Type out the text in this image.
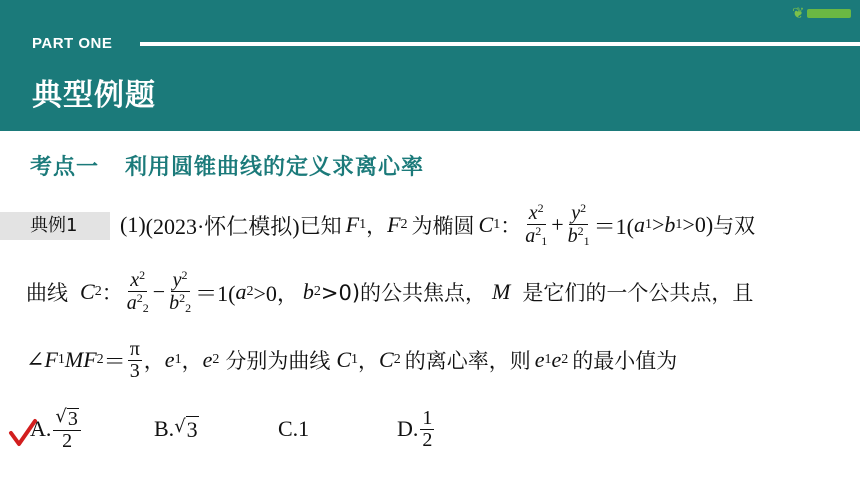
❦
PART ONE
典型例题
考点一 利用圆锥曲线的定义求离心率
典例1	(1) (2023·怀仁模拟) 已知 F 1 ， F 2 为椭圆 C 1 ： $\frac{x^2}{a^21} + \frac{y^2}{b^21} =1$( a 1 > b 1 >0) 与双
曲线 C 2 ： $\frac{x^2}{a^22} - \frac{y^2}{b^22} =1$( a 2 >0， b 2 >0)的公共焦点， M 是它们的一个公共点，且
∠ F 1 M F $2 = \frac{\pi}{3}$ ， e 1 ， e 2 分别为曲线 C 1 ， C 2 的离心率，则 e 1 e 2 的最小值为
A. $\frac{√ 3}{2}$	B. √ 3	C.1	D. $\frac{1}{2}$
